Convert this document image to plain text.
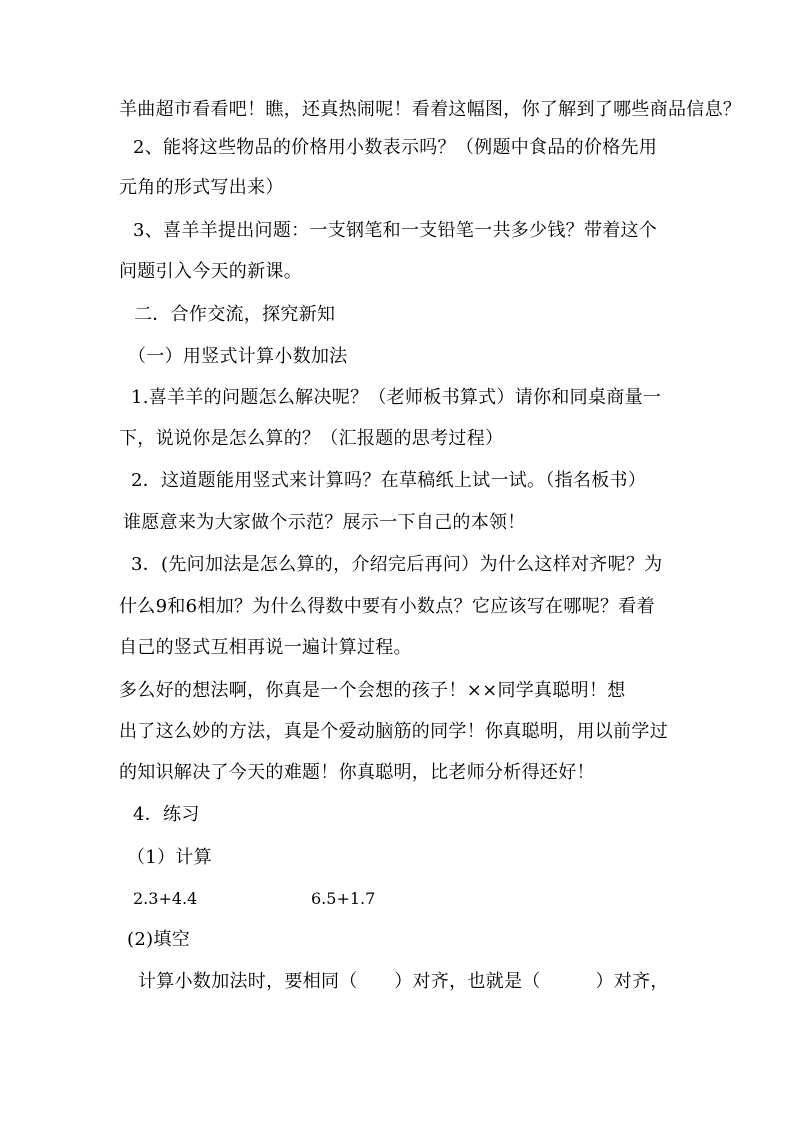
羊曲超市看看吧！瞧，还真热闹呢！看着这幅图，你了解到了哪些商品信息？
2、能将这些物品的价格用小数表示吗？（例题中食品的价格先用
元角的形式写出来）
3、喜羊羊提出问题：一支钢笔和一支铅笔一共多少钱？带着这个
问题引入今天的新课。
二．合作交流，探究新知
（一）用竖式计算小数加法
1.喜羊羊的问题怎么解决呢？（老师板书算式）请你和同桌商量一
下，说说你是怎么算的？（汇报题的思考过程）
2．这道题能用竖式来计算吗？在草稿纸上试一试。（指名板书）
谁愿意来为大家做个示范？展示一下自己的本领！
3．(先问加法是怎么算的，介绍完后再问）为什么这样对齐呢？为
什么9和6相加？为什么得数中要有小数点？它应该写在哪呢？看着
自己的竖式互相再说一遍计算过程。
多么好的想法啊，你真是一个会想的孩子！××同学真聪明！想
出了这么妙的方法，真是个爱动脑筋的同学！你真聪明，用以前学过
的知识解决了今天的难题！你真聪明，比老师分析得还好！
4．练习
（1）计算
2.3+4.4	6.5+1.7
(2)填空
计算小数加法时，要相同（　　）对齐，也就是（　　　）对齐，
